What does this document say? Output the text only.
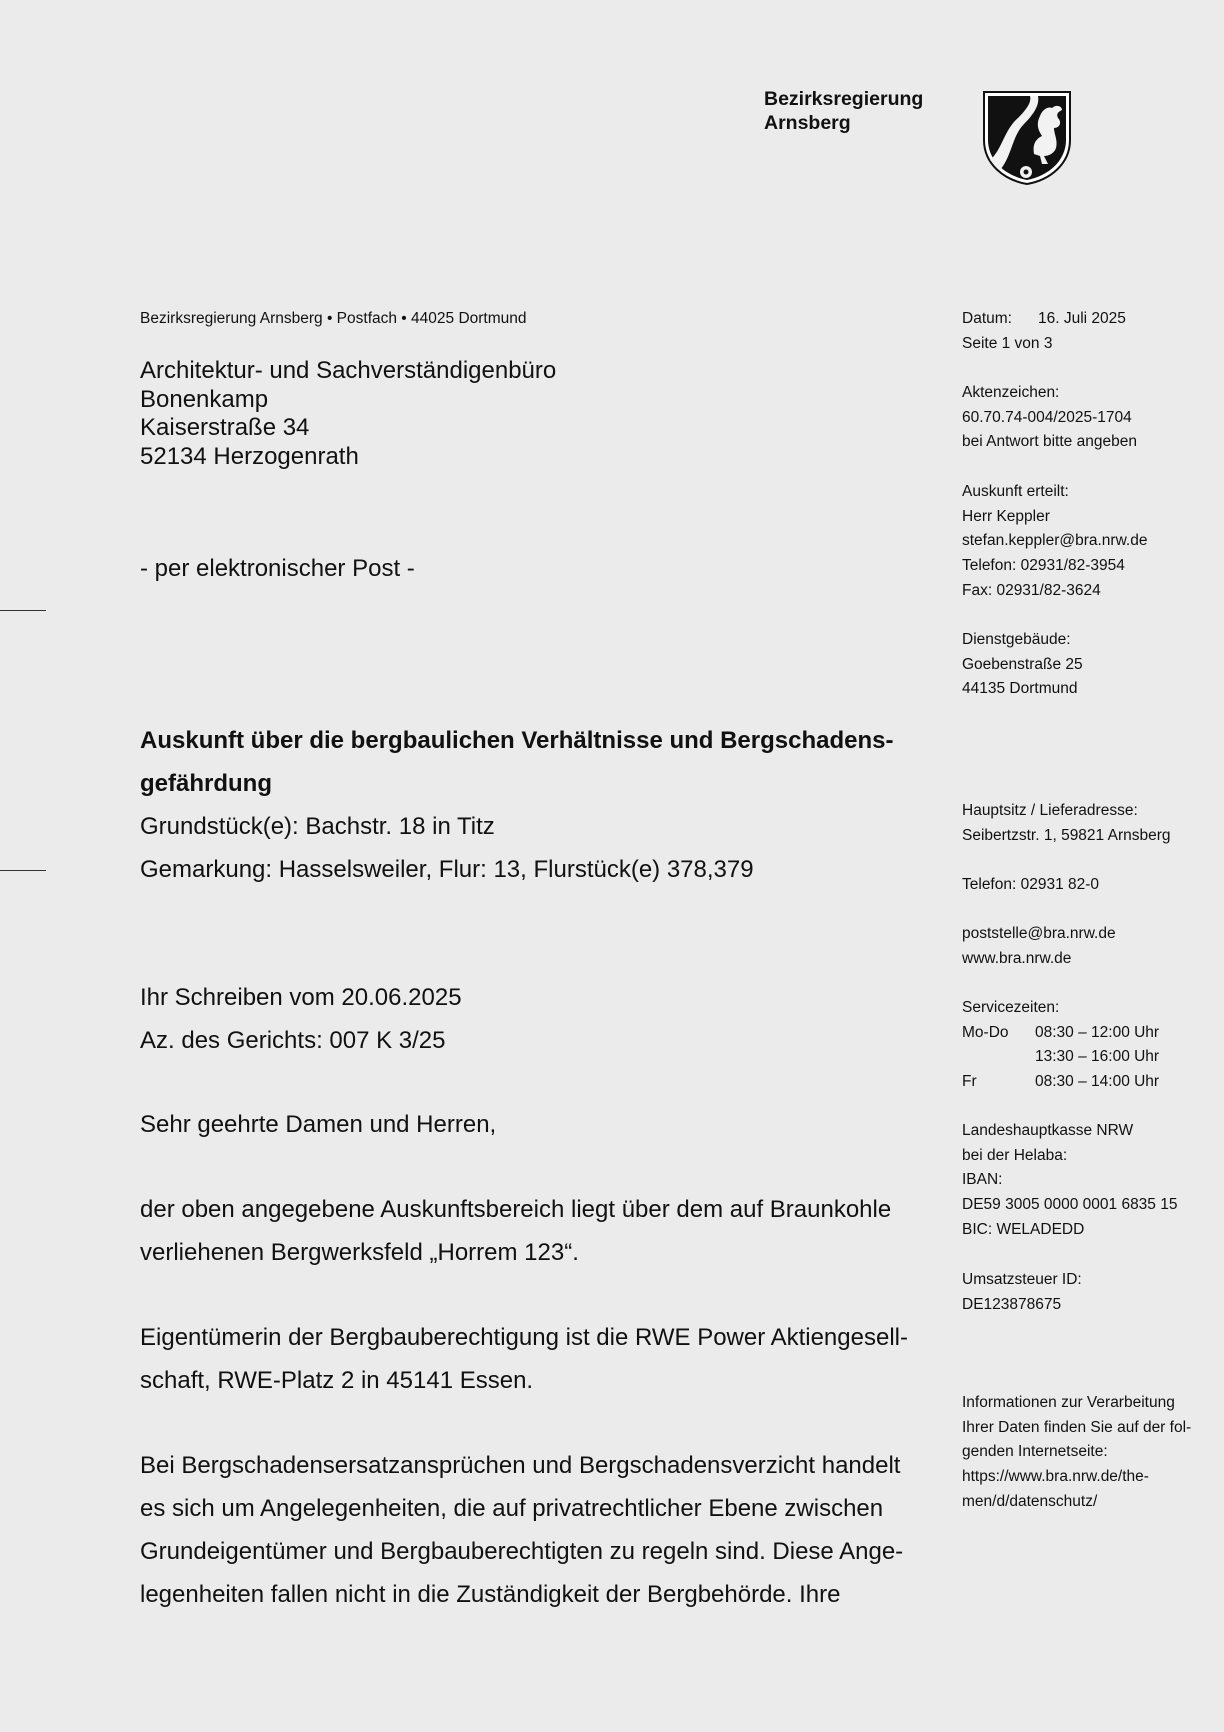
Bezirksregierung
Arnsberg
Bezirksregierung Arnsberg • Postfach • 44025 Dortmund
Architektur- und Sachverständigenbüro
Bonenkamp
Kaiserstraße 34
52134 Herzogenrath
- per elektronischer Post -
Auskunft über die bergbaulichen Verhältnisse und Bergschadens-
gefährdung
Grundstück(e): Bachstr. 18 in Titz
Gemarkung: Hasselsweiler, Flur: 13, Flurstück(e) 378,379
Ihr Schreiben vom 20.06.2025
Az. des Gerichts: 007 K 3/25
Sehr geehrte Damen und Herren,
der oben angegebene Auskunftsbereich liegt über dem auf Braunkohle
verliehenen Bergwerksfeld „Horrem 123“.
Eigentümerin der Bergbauberechtigung ist die RWE Power Aktiengesell-
schaft, RWE-Platz 2 in 45141 Essen.
Bei Bergschadensersatzansprüchen und Bergschadensverzicht handelt
es sich um Angelegenheiten, die auf privatrechtlicher Ebene zwischen
Grundeigentümer und Bergbauberechtigten zu regeln sind. Diese Ange-
legenheiten fallen nicht in die Zuständigkeit der Bergbehörde. Ihre
Datum:	16. Juli 2025
Seite 1 von 3
Aktenzeichen:
60.70.74-004/2025-1704
bei Antwort bitte angeben
Auskunft erteilt:
Herr Keppler
stefan.keppler@bra.nrw.de
Telefon: 02931/82-3954
Fax: 02931/82-3624
Dienstgebäude:
Goebenstraße 25
44135 Dortmund
Hauptsitz / Lieferadresse:
Seibertzstr. 1, 59821 Arnsberg
Telefon: 02931 82-0
poststelle@bra.nrw.de
www.bra.nrw.de
Servicezeiten:
Mo-Do	08:30 – 12:00 Uhr
13:30 – 16:00 Uhr
Fr	08:30 – 14:00 Uhr
Landeshauptkasse NRW
bei der Helaba:
IBAN:
DE59 3005 0000 0001 6835 15
BIC: WELADEDD
Umsatzsteuer ID:
DE123878675
Informationen zur Verarbeitung
Ihrer Daten finden Sie auf der fol-
genden Internetseite:
https://www.bra.nrw.de/the-
men/d/datenschutz/
